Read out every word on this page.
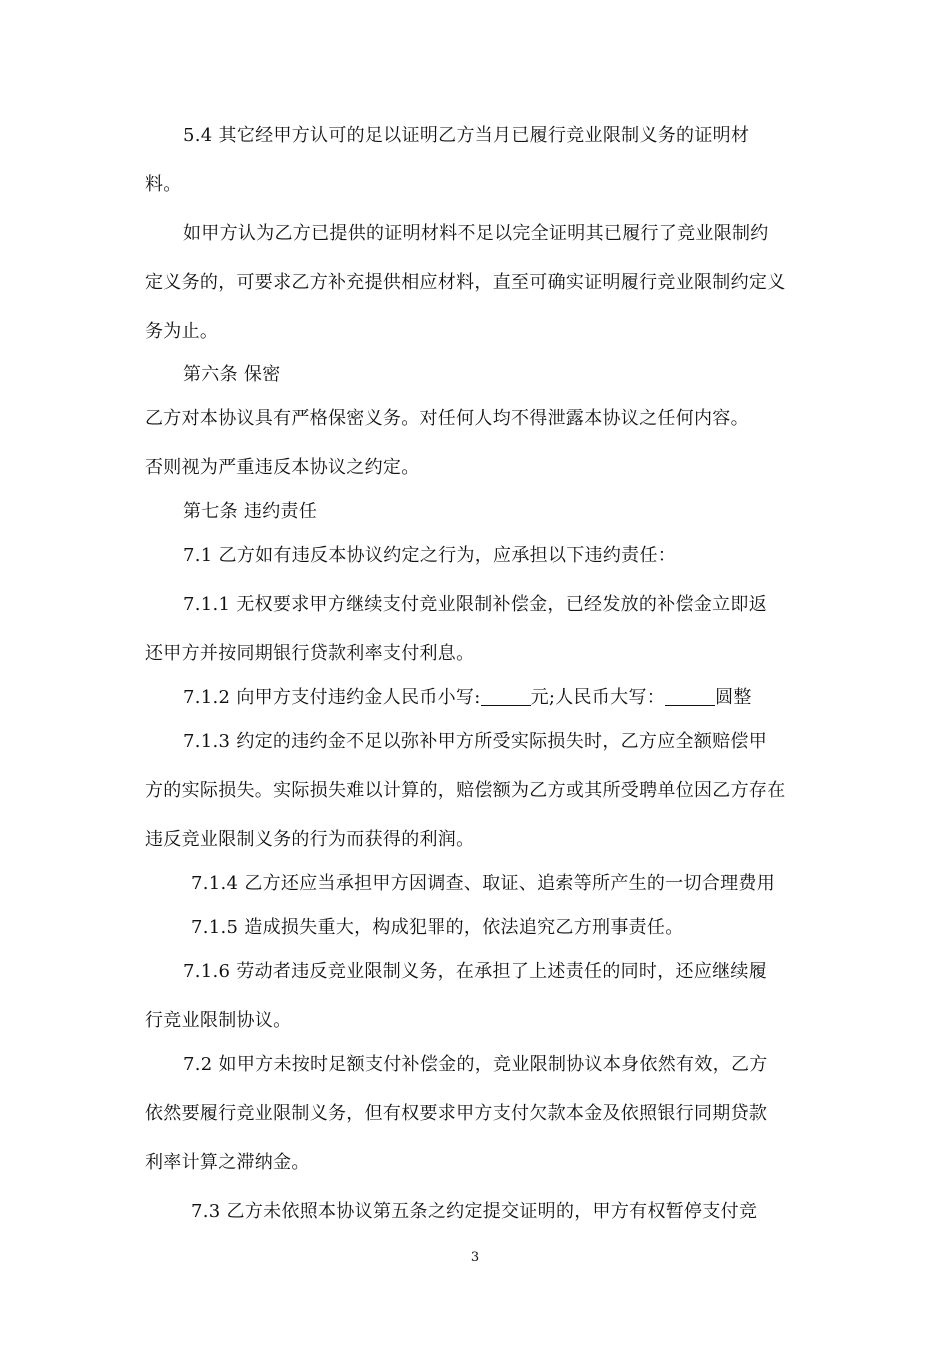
5.4 其它经甲方认可的足以证明乙方当月已履行竞业限制义务的证明材
料。
如甲方认为乙方已提供的证明材料不足以完全证明其已履行了竞业限制约
定义务的，可要求乙方补充提供相应材料，直至可确实证明履行竞业限制约定义
务为止。
第六条 保密
乙方对本协议具有严格保密义务。对任何人均不得泄露本协议之任何内容。
否则视为严重违反本协议之约定。
第七条 违约责任
7.1 乙方如有违反本协议约定之行为，应承担以下违约责任：
7.1.1 无权要求甲方继续支付竞业限制补偿金，已经发放的补偿金立即返
还甲方并按同期银行贷款利率支付利息。
7.1.2 向甲方支付违约金人民币小写:	元;人民币大写：	圆整
7.1.3 约定的违约金不足以弥补甲方所受实际损失时，乙方应全额赔偿甲
方的实际损失。实际损失难以计算的，赔偿额为乙方或其所受聘单位因乙方存在
违反竞业限制义务的行为而获得的利润。
7.1.4 乙方还应当承担甲方因调查、取证、追索等所产生的一切合理费用
7.1.5 造成损失重大，构成犯罪的，依法追究乙方刑事责任。
7.1.6 劳动者违反竞业限制义务，在承担了上述责任的同时，还应继续履
行竞业限制协议。
7.2 如甲方未按时足额支付补偿金的，竞业限制协议本身依然有效，乙方
依然要履行竞业限制义务，但有权要求甲方支付欠款本金及依照银行同期贷款
利率计算之滞纳金。
7.3 乙方未依照本协议第五条之约定提交证明的，甲方有权暂停支付竞
3
